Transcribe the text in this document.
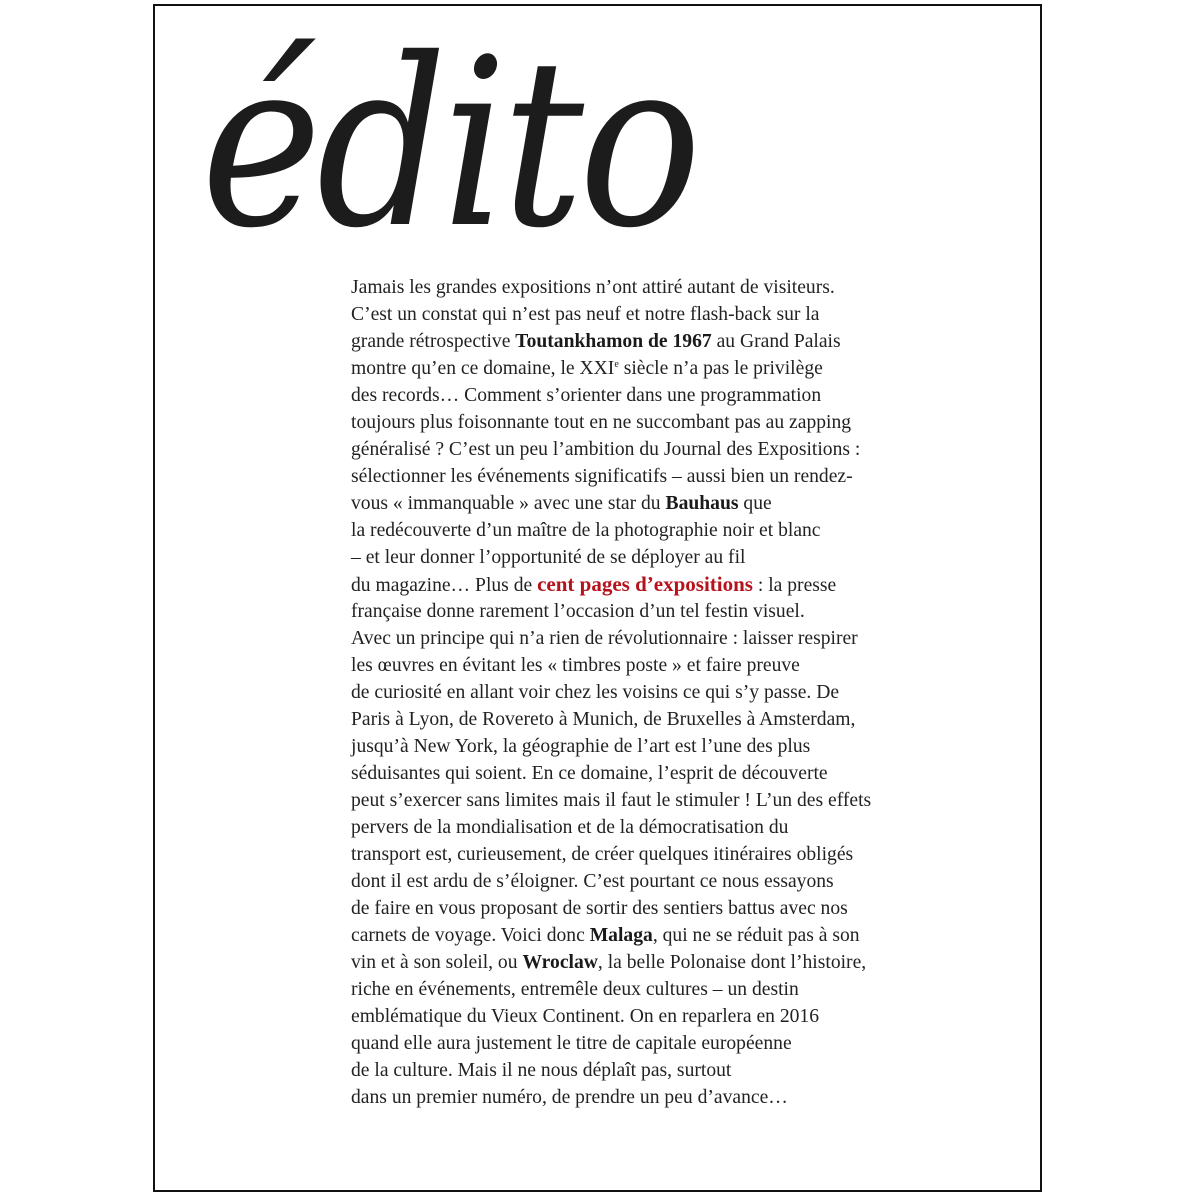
édito
Jamais les grandes expositions n’ont attiré autant de visiteurs.
C’est un constat qui n’est pas neuf et notre flash-back sur la
grande rétrospective Toutankhamon de 1967 au Grand Palais
montre qu’en ce domaine, le XXIe siècle n’a pas le privilège
des records… Comment s’orienter dans une programmation
toujours plus foisonnante tout en ne succombant pas au zapping
généralisé ? C’est un peu l’ambition du Journal des Expositions :
sélectionner les événements significatifs – aussi bien un rendez-
vous « immanquable » avec une star du Bauhaus que
la redécouverte d’un maître de la photographie noir et blanc
– et leur donner l’opportunité de se déployer au fil
du magazine… Plus de cent pages d’expositions : la presse
française donne rarement l’occasion d’un tel festin visuel.
Avec un principe qui n’a rien de révolutionnaire : laisser respirer
les œuvres en évitant les « timbres poste » et faire preuve
de curiosité en allant voir chez les voisins ce qui s’y passe. De
Paris à Lyon, de Rovereto à Munich, de Bruxelles à Amsterdam,
jusqu’à New York, la géographie de l’art est l’une des plus
séduisantes qui soient. En ce domaine, l’esprit de découverte
peut s’exercer sans limites mais il faut le stimuler ! L’un des effets
pervers de la mondialisation et de la démocratisation du
transport est, curieusement, de créer quelques itinéraires obligés
dont il est ardu de s’éloigner. C’est pourtant ce nous essayons
de faire en vous proposant de sortir des sentiers battus avec nos
carnets de voyage. Voici donc Malaga, qui ne se réduit pas à son
vin et à son soleil, ou Wroclaw, la belle Polonaise dont l’histoire,
riche en événements, entremêle deux cultures – un destin
emblématique du Vieux Continent. On en reparlera en 2016
quand elle aura justement le titre de capitale européenne
de la culture. Mais il ne nous déplaît pas, surtout
dans un premier numéro, de prendre un peu d’avance…
